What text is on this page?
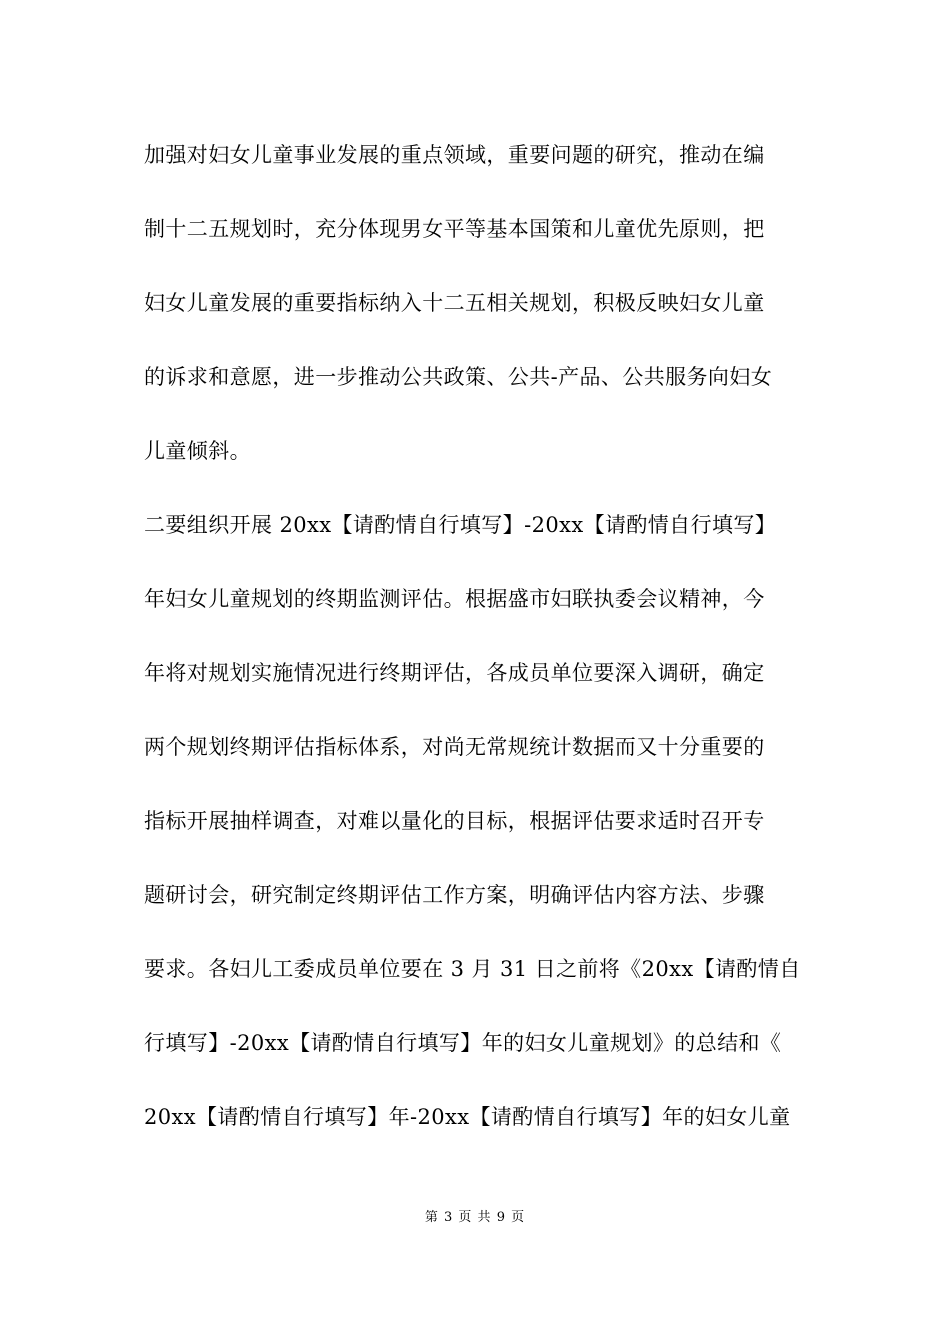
加强对妇女儿童事业发展的重点领域，重要问题的研究，推动在编
制十二五规划时，充分体现男女平等基本国策和儿童优先原则，把
妇女儿童发展的重要指标纳入十二五相关规划，积极反映妇女儿童
的诉求和意愿，进一步推动公共政策、公共-产品、公共服务向妇女
儿童倾斜。
二要组织开展 20xx【请酌情自行填写】-20xx【请酌情自行填写】
年妇女儿童规划的终期监测评估。根据盛市妇联执委会议精神，今
年将对规划实施情况进行终期评估，各成员单位要深入调研，确定
两个规划终期评估指标体系，对尚无常规统计数据而又十分重要的
指标开展抽样调查，对难以量化的目标，根据评估要求适时召开专
题研讨会，研究制定终期评估工作方案，明确评估内容方法、步骤
要求。各妇儿工委成员单位要在 3 月 31 日之前将《20xx【请酌情自
行填写】-20xx【请酌情自行填写】年的妇女儿童规划》的总结和《
20xx【请酌情自行填写】年-20xx【请酌情自行填写】年的妇女儿童
第 3 页 共 9 页
